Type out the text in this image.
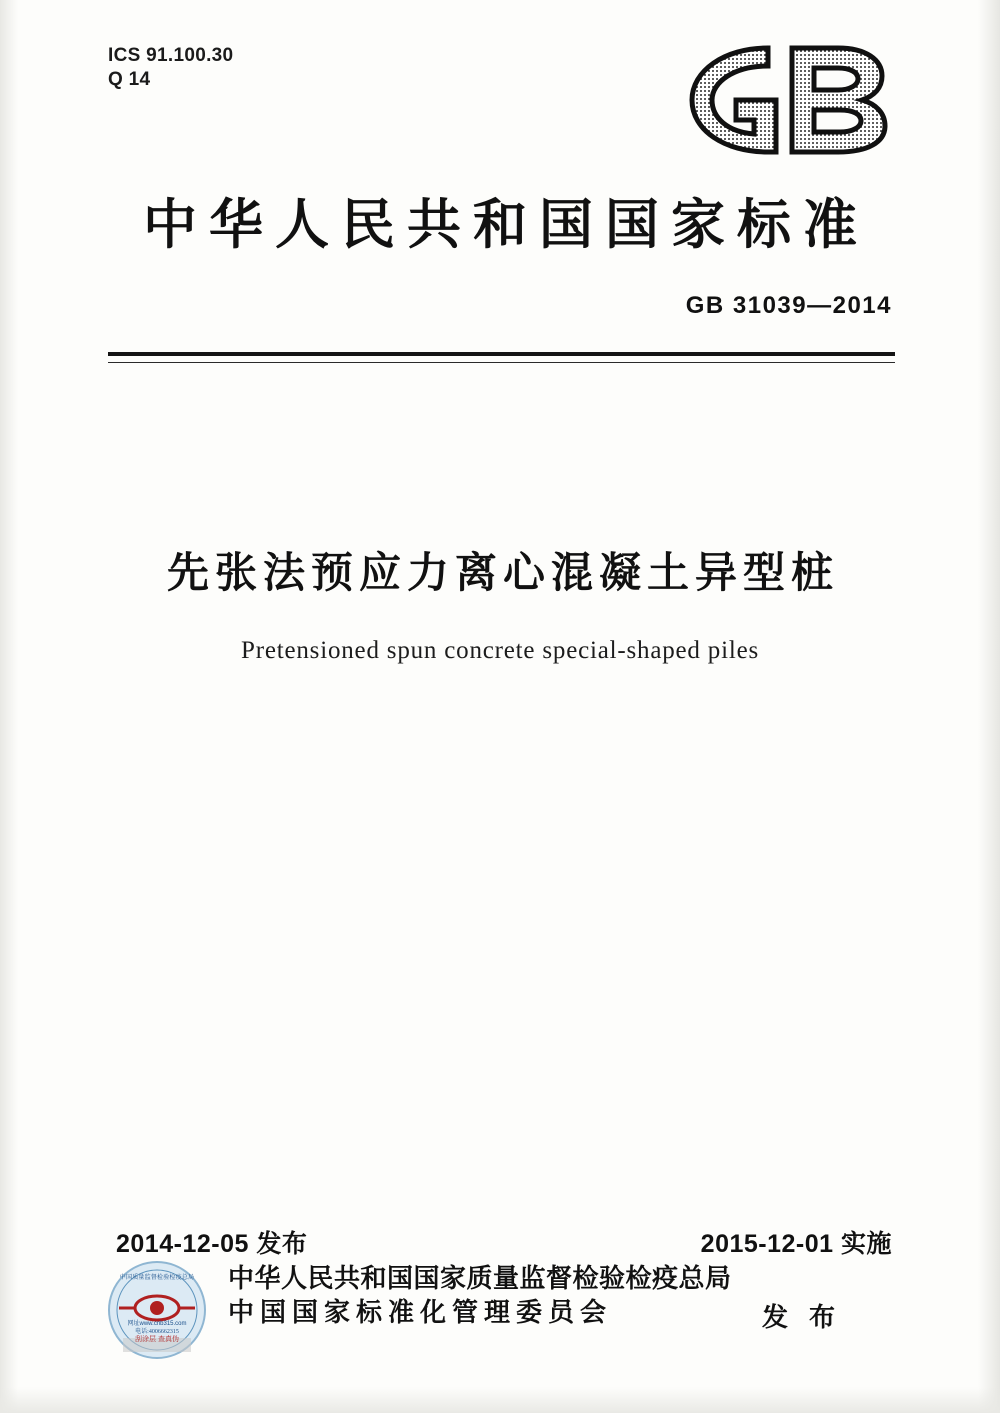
ICS 91.100.30
Q 14
中华人民共和国国家标准
GB 31039—2014
先张法预应力离心混凝土异型桩
Pretensioned spun concrete special-shaped piles
2014-12-05 发布	2015-12-01 实施
中国质量监督检验检疫总局
网址www.cnb315.com
电话:4006662315
刮涂层 查真伪
中华人民共和国国家质量监督检验检疫总局
中国国家标准化管理委员会	发 布
